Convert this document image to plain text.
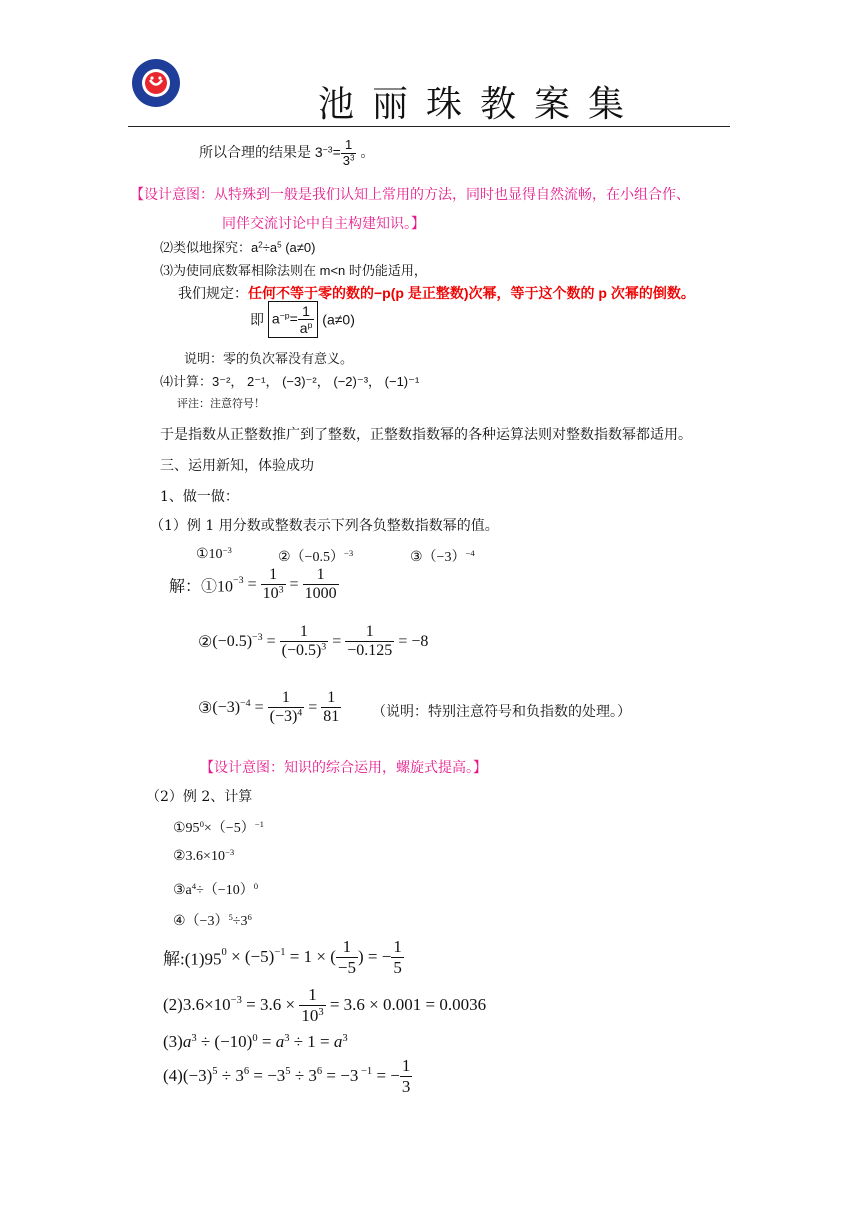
池丽珠教案集
所以合理的结果是 $3^{-3}= \frac{1}{3^3}$ 。
【设计意图：从特殊到一般是我们认知上常用的方法，同时也显得自然流畅，在小组合作、
同伴交流讨论中自主构建知识。】
⑵类似地探究：$a^2\div a^5$ (a≠0)
⑶为使同底数幂相除法则在 m<n 时仍能适用，
我们规定：任何不等于零的数的−p(p 是正整数)次幂，等于这个数的 p 次幂的倒数。
即 $a^{-p}= \frac{1}{a^p} (a\ne 0)$
说明：零的负次幂没有意义。
⑷计算：3⁻²， 2⁻¹， (−3)⁻²， (−2)⁻³， (−1)⁻¹
评注：注意符号！
于是指数从正整数推广到了整数，正整数指数幂的各种运算法则对整数指数幂都适用。
三、运用新知，体验成功
1、做一做：
（1）例 1 用分数或整数表示下列各负整数指数幂的值。
$①10^{-3}$	$②(-0.5)^{-3}$	$③(-3)^{-4}$
解：$①10^{-3} = \frac{1}{10^3} = \frac{1}{1000}$
$②(-0.5)^{-3} = \frac{1}{(-0.5)^3} = \frac{1}{-0.125} = -8$
$③(-3)^{-4} = \frac{1}{(-3)^4} = \frac{1}{81}$ （说明：特别注意符号和负指数的处理。）
【设计意图：知识的综合运用，螺旋式提高。】
（2）例 2、计算
$①95^0\times(-5)^{-1}$
$②3.6\times 10^{-3}$
$③a^4\div(-10)^0$
$④(-3)^5\div 3^6$
解$:(1)95^0 \times (-5)^{-1} = 1$ × ( $\frac{1}{-5}$ ) = − $\frac{1}{5}$
$(2)3.6\times 10^{-3} = 3.6 \times \frac{1}{10^3} = 3.6 \times 0.001 = 0.0036$
$(3)a^3 \div (-10)^0 = a^3 \div 1 = a^3$
$(4)(-3)^5 \div 3^6 = -3^5 \div 3^6 = -3$ $^{-1}$ = − $\frac{1}{3}$
